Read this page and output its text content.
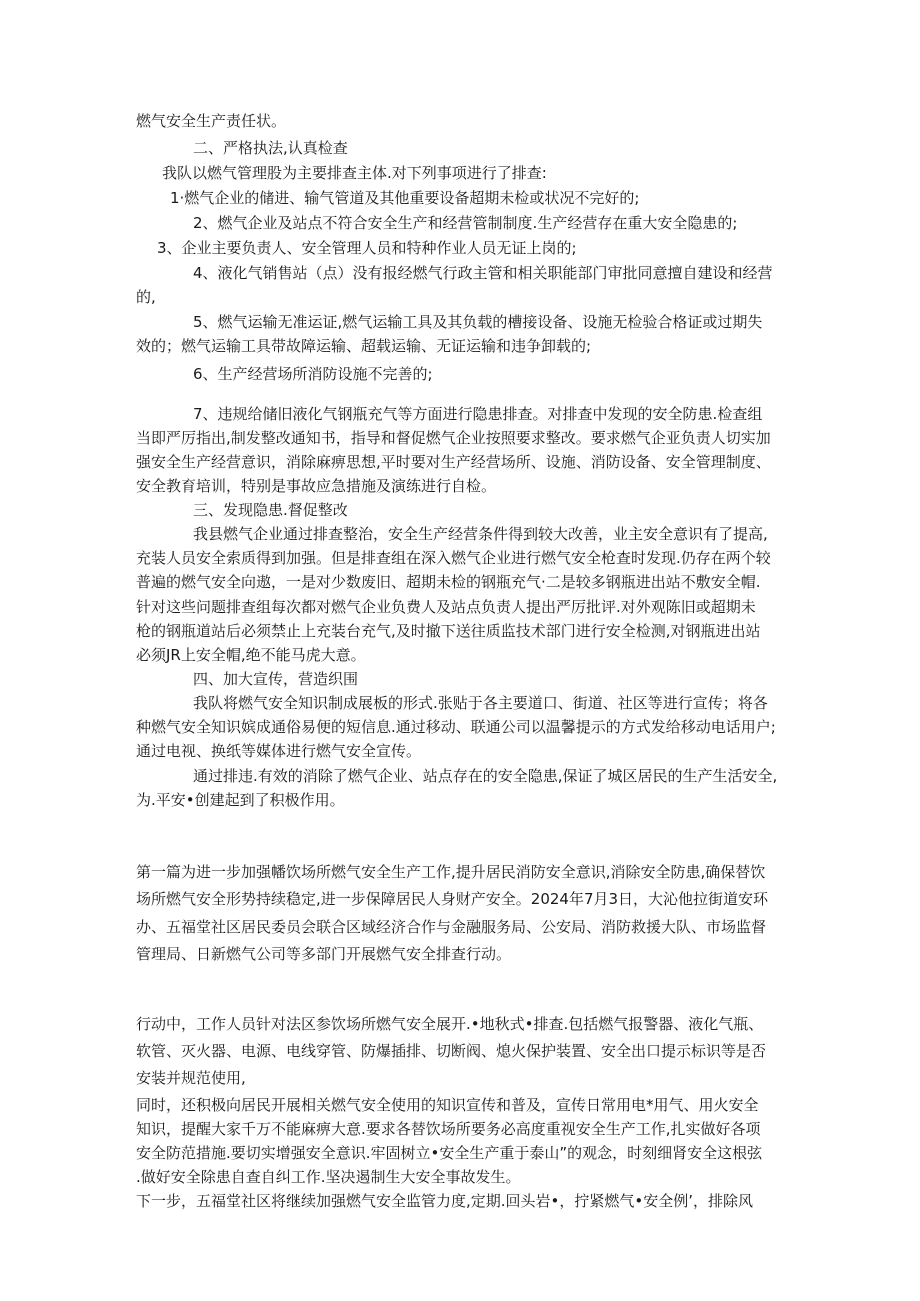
燃气安全生产责任状。
二、严格执法,认真检查
我队以燃气管理股为主要排查主体.对下列事项进行了排查:
1·燃气企业的储进、输气管道及其他重要设备超期未检或状况不完好的;
2、燃气企业及站点不符合安全生产和经营管制制度.生产经营存在重大安全隐患的;
3、企业主要负责人、安全管理人员和特种作业人员无证上岗的;
4、液化气销售站（点）没有报经燃气行政主管和相关职能部门审批同意擅自建设和经营
的,
5、燃气运输无准运证,燃气运输工具及其负载的槽接设备、设施无检验合格证或过期失
效的；燃气运输工具带故障运输、超载运输、无证运输和违争卸载的;
6、生产经营场所消防设施不完善的;
7、违规给储旧液化气钢瓶充气等方面进行隐患排查。对排查中发现的安全防患.检查组
当即严厉指出,制发整改通知书，指导和督促燃气企业按照要求整改。要求燃气企亚负责人切实加
强安全生产经营意识，消除麻痹思想,平时要对生产经营场所、设施、消防设备、安全管理制度、
安全教育培训，特别是事故应急措施及演练进行自检。
三、发现隐患.督促整改
我县燃气企业通过排查整治，安全生产经营条件得到较大改善，业主安全意识有了提高,
充装人员安全索质得到加强。但是排查组在深入燃气企业进行燃气安全枪查时发现.仍存在两个较
普遍的燃气安全向遨，一是对少数废旧、超期未检的钢瓶充气·二是较多钢瓶进出站不敷安全帽.
针对这些问题排查组每次都对燃气企业负费人及站点负责人提出严厉批评.对外观陈旧或超期未
枪的钢瓶道站后必须禁止上充装台充气,及时撤下送往质监技术部门进行安全检测,对钢瓶进出站
必须JR上安全帽,绝不能马虎大意。
四、加大宣传，营造织围
我队将燃气安全知识制成展板的形式.张贴于各主要道口、街道、社区等进行宣传；将各
种燃气安全知识嫔成通俗易便的短信息.通过移动、联通公司以温馨提示的方式发给移动电话用户;
通过电视、换纸等媒体进行燃气安全宣传。
通过排违.有效的消除了燃气企业、站点存在的安全隐患,保证了城区居民的生产生活安全,
为.平安•创建起到了积极作用。
第一篇为进一步加强幡饮场所燃气安全生产工作,提升居民消防安全意识,消除安全防患,确保替饮
场所燃气安全形势持续稳定,进一步保障居民人身财产安全。2024年7月3日，大沁他拉街道安环
办、五福堂社区居民委员会联合区域经济合作与金融服务局、公安局、消防救援大队、市场监督
管理局、日新燃气公司等多部门开展燃气安全排查行动。
行动中，工作人员针对法区参饮场所燃气安全展开.•地秋式•排查.包括燃气报警器、液化气瓶、
软管、灭火器、电源、电线穿管、防爆插排、切断阀、熄火保护装置、安全出口提示标识等是否
安装并规范使用,
同时，还积极向居民开展相关燃气安全使用的知识宣传和普及，宣传日常用电*用气、用火安全
知识，提醒大家千万不能麻痹大意.要求各替饮场所要务必高度重视安全生产工作,扎实做好各项
安全防范措施.要切实增强安全意识.牢固树立•安全生产重于泰山”的观念，时刻细肾安全这根弦
.做好安全除患自查自纠工作.坚决遏制生大安全事故发生。
下一步，五福堂社区将继续加强燃气安全监管力度,定期.回头岩•，拧紧燃气•安全例’，排除风
